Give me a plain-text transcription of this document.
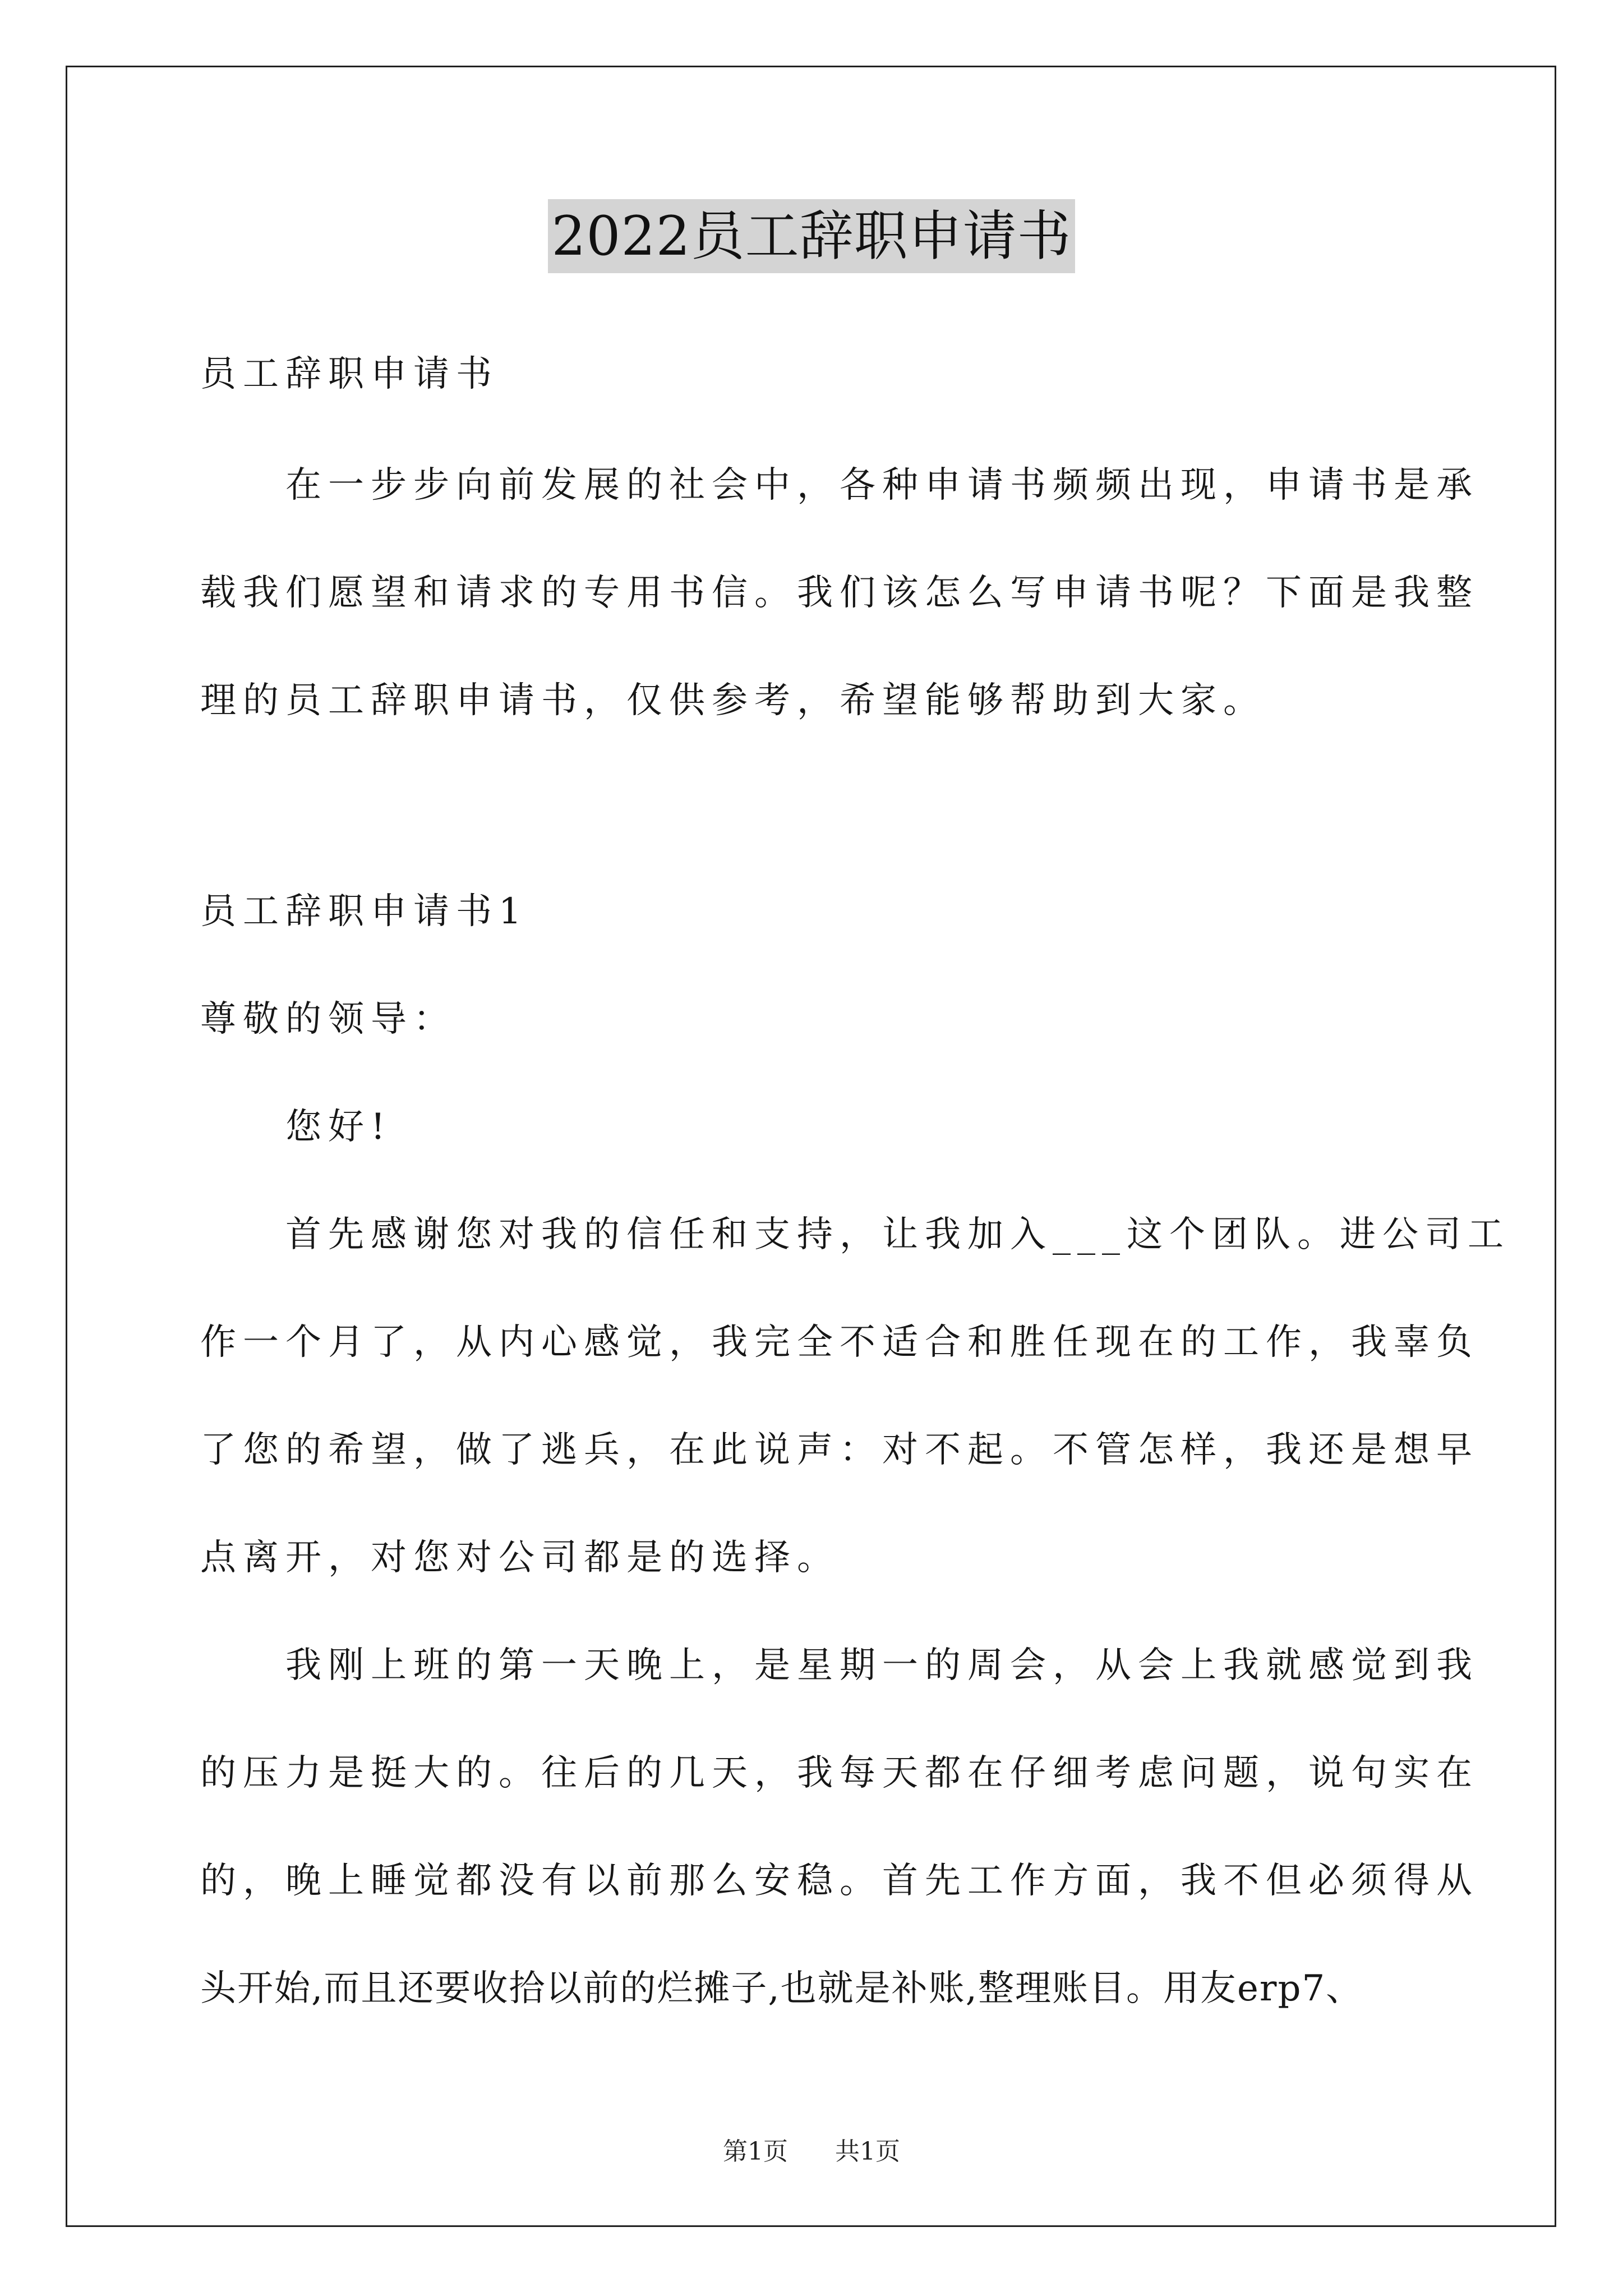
2022员工辞职申请书
员工辞职申请书
　　在一步步向前发展的社会中，各种申请书频频出现，申请书是承
载我们愿望和请求的专用书信。我们该怎么写申请书呢？下面是我整
理的员工辞职申请书，仅供参考，希望能够帮助到大家。
员工辞职申请书1
尊敬的领导：
　　您好!
　　首先感谢您对我的信任和支持，让我加入___这个团队。进公司工
作一个月了，从内心感觉，我完全不适合和胜任现在的工作，我辜负
了您的希望，做了逃兵，在此说声：对不起。不管怎样，我还是想早
点离开，对您对公司都是的选择。
　　我刚上班的第一天晚上，是星期一的周会，从会上我就感觉到我
的压力是挺大的。往后的几天，我每天都在仔细考虑问题，说句实在
的，晚上睡觉都没有以前那么安稳。首先工作方面，我不但必须得从
头开始,而且还要收拾以前的烂摊子,也就是补账,整理账目。用友erp7、
第1页 共1页
